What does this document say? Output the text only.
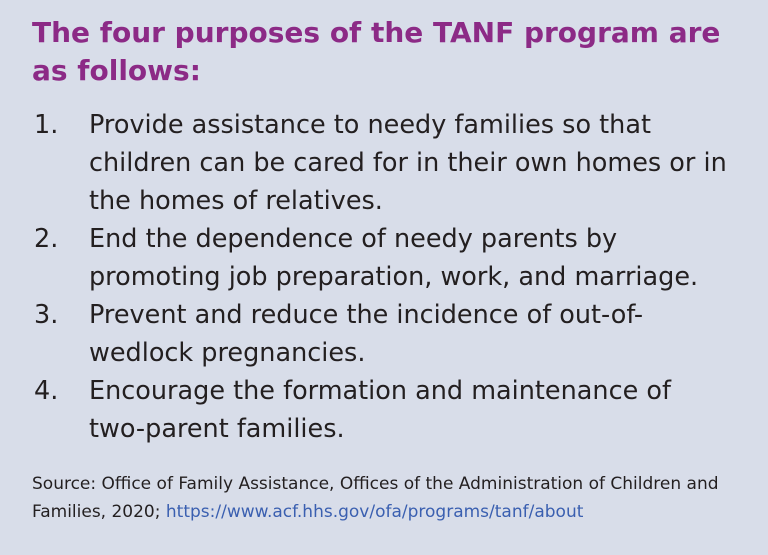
The four purposes of the TANF program are as follows:
1. Provide assistance to needy families so that children can be cared for in their own homes or in the homes of relatives.
2. End the dependence of needy parents by promoting job preparation, work, and marriage.
3. Prevent and reduce the incidence of out-of-wedlock pregnancies.
4. Encourage the formation and maintenance of two-parent families.

Source: Office of Family Assistance, Offices of the Administration of Children and Families, 2020; https://www.acf.hhs.gov/ofa/programs/tanf/about
